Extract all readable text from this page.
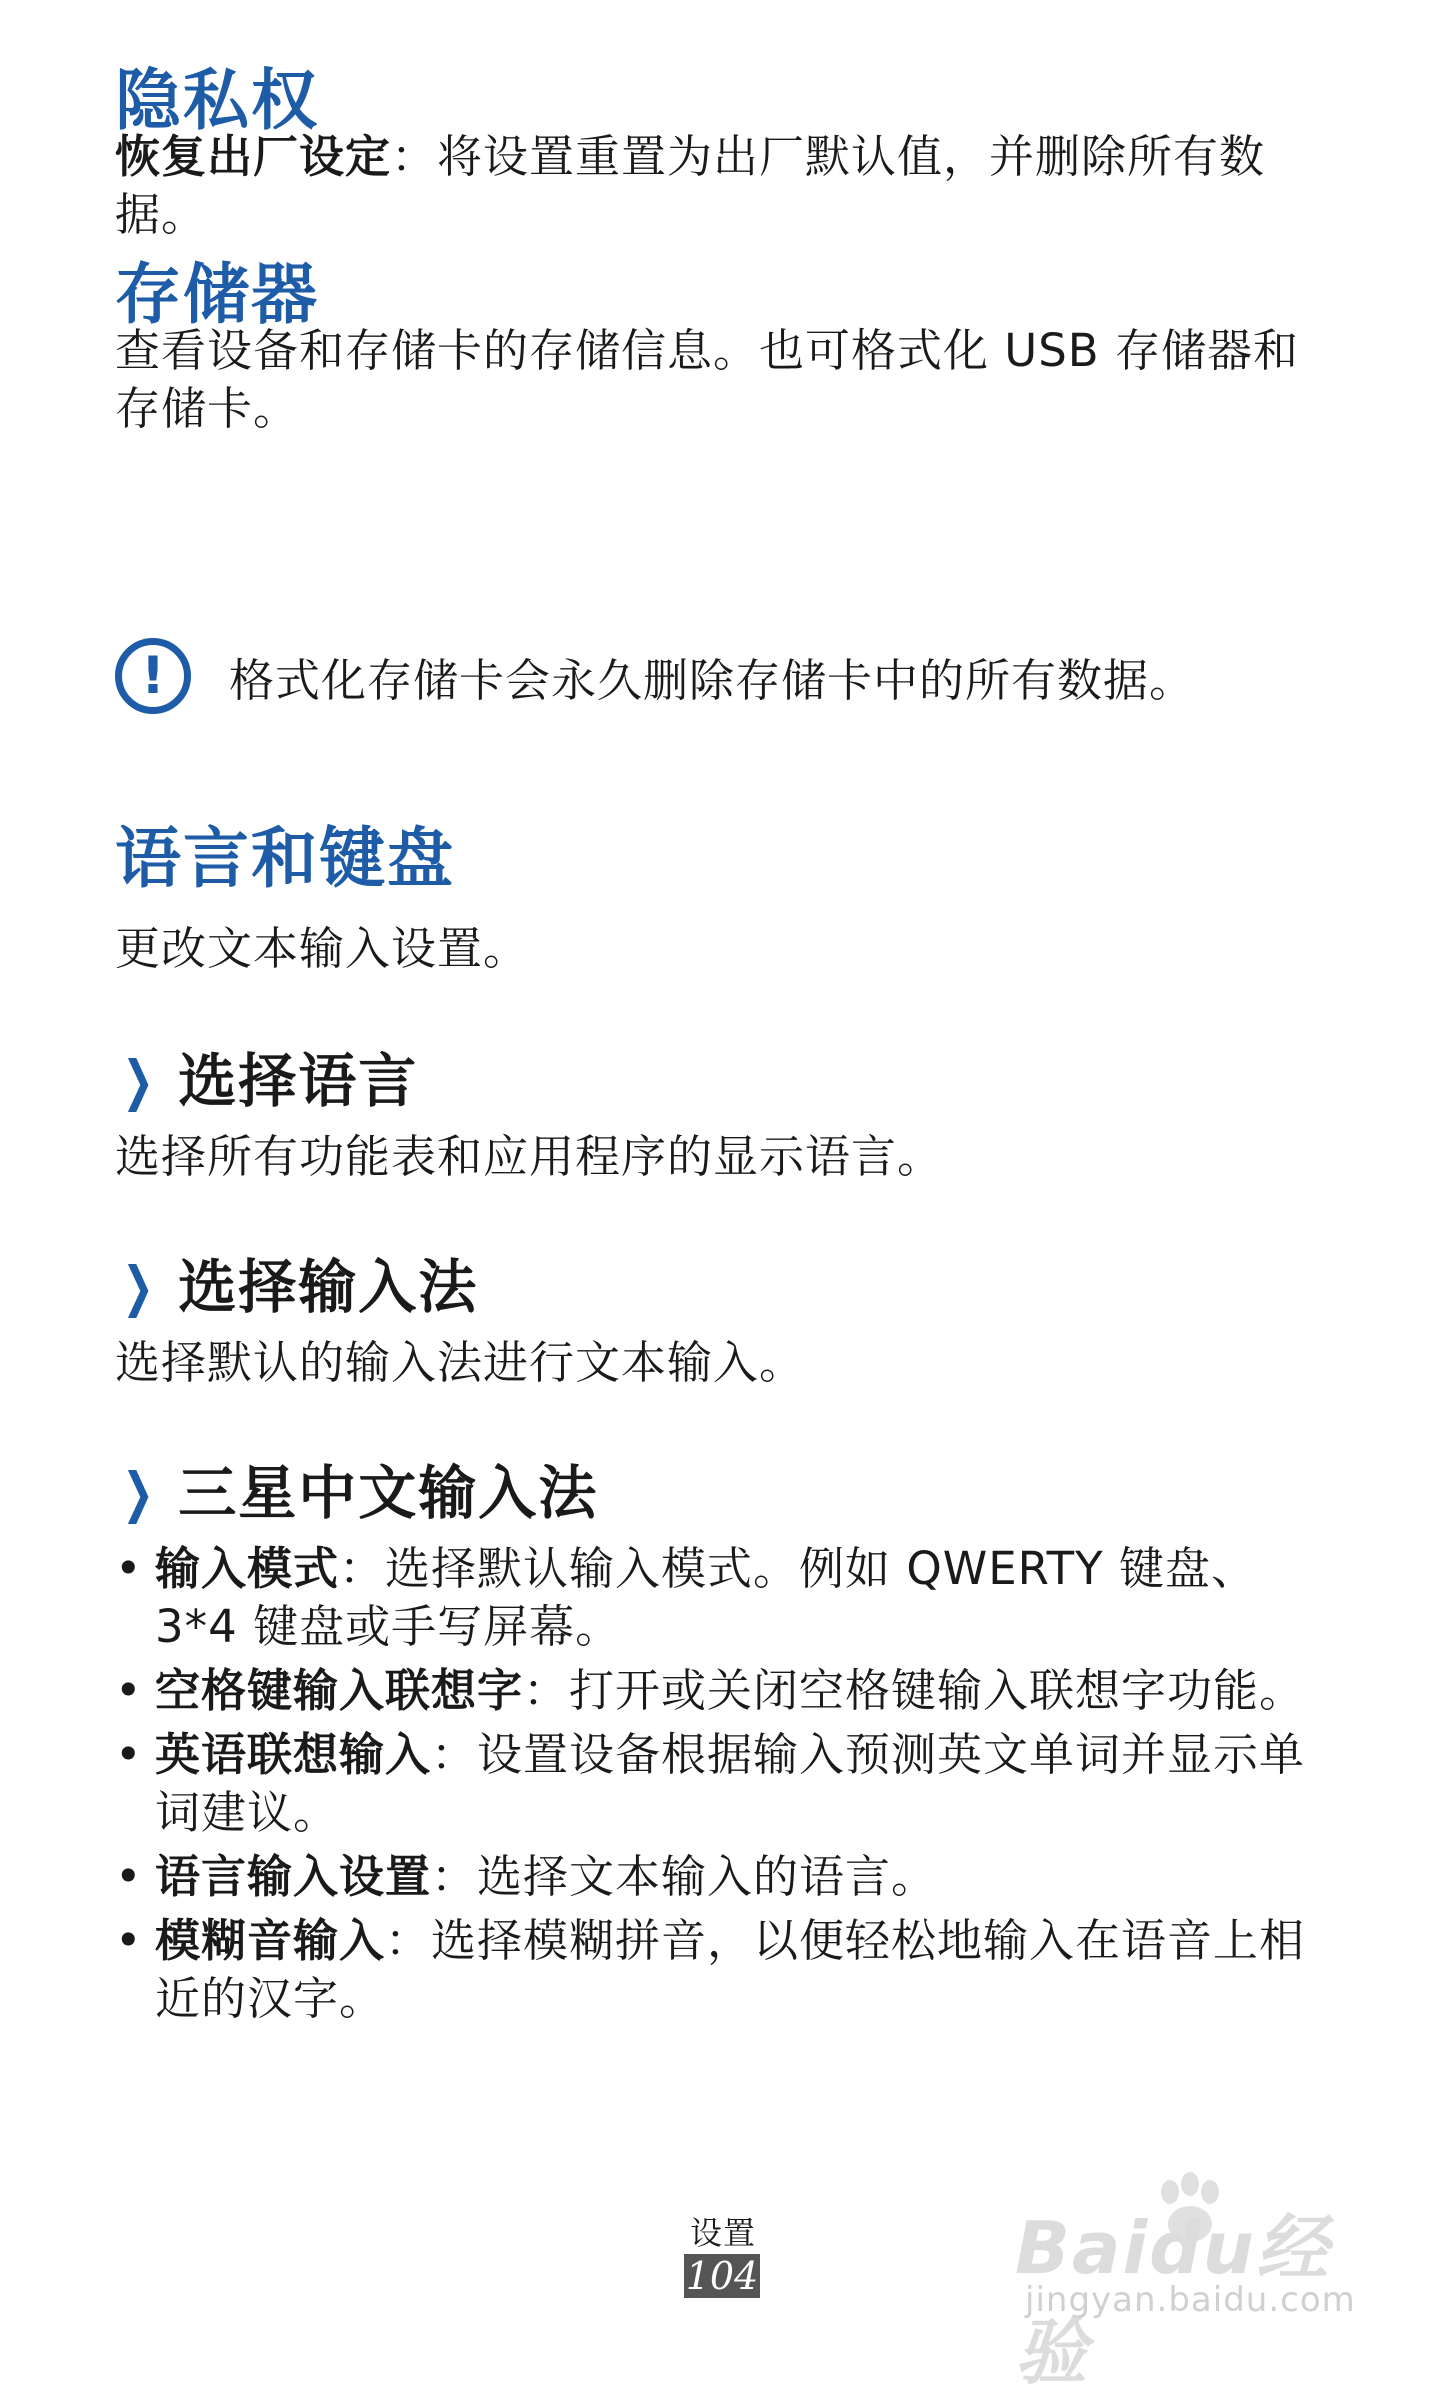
隐私权

恢复出厂设定：将设置重置为出厂默认值，并删除所有数据。

存储器

查看设备和存储卡的存储信息。也可格式化 USB 存储器和存储卡。

!	格式化存储卡会永久删除存储卡中的所有数据。
语言和键盘

更改文本输入设置。

❯ 选择语言

选择所有功能表和应用程序的显示语言。

❯ 选择输入法

选择默认的输入法进行文本输入。

❯ 三星中文输入法
• 输入模式：选择默认输入模式。例如 QWERTY 键盘、3*4 键盘或手写屏幕。
• 空格键输入联想字：打开或关闭空格键输入联想字功能。
• 英语联想输入：设置设备根据输入预测英文单词并显示单词建议。
• 语言输入设置：选择文本输入的语言。
• 模糊音输入：选择模糊拼音，以便轻松地输入在语音上相近的汉字。
设置
104	Baidu经验
jingyan.baidu.com
